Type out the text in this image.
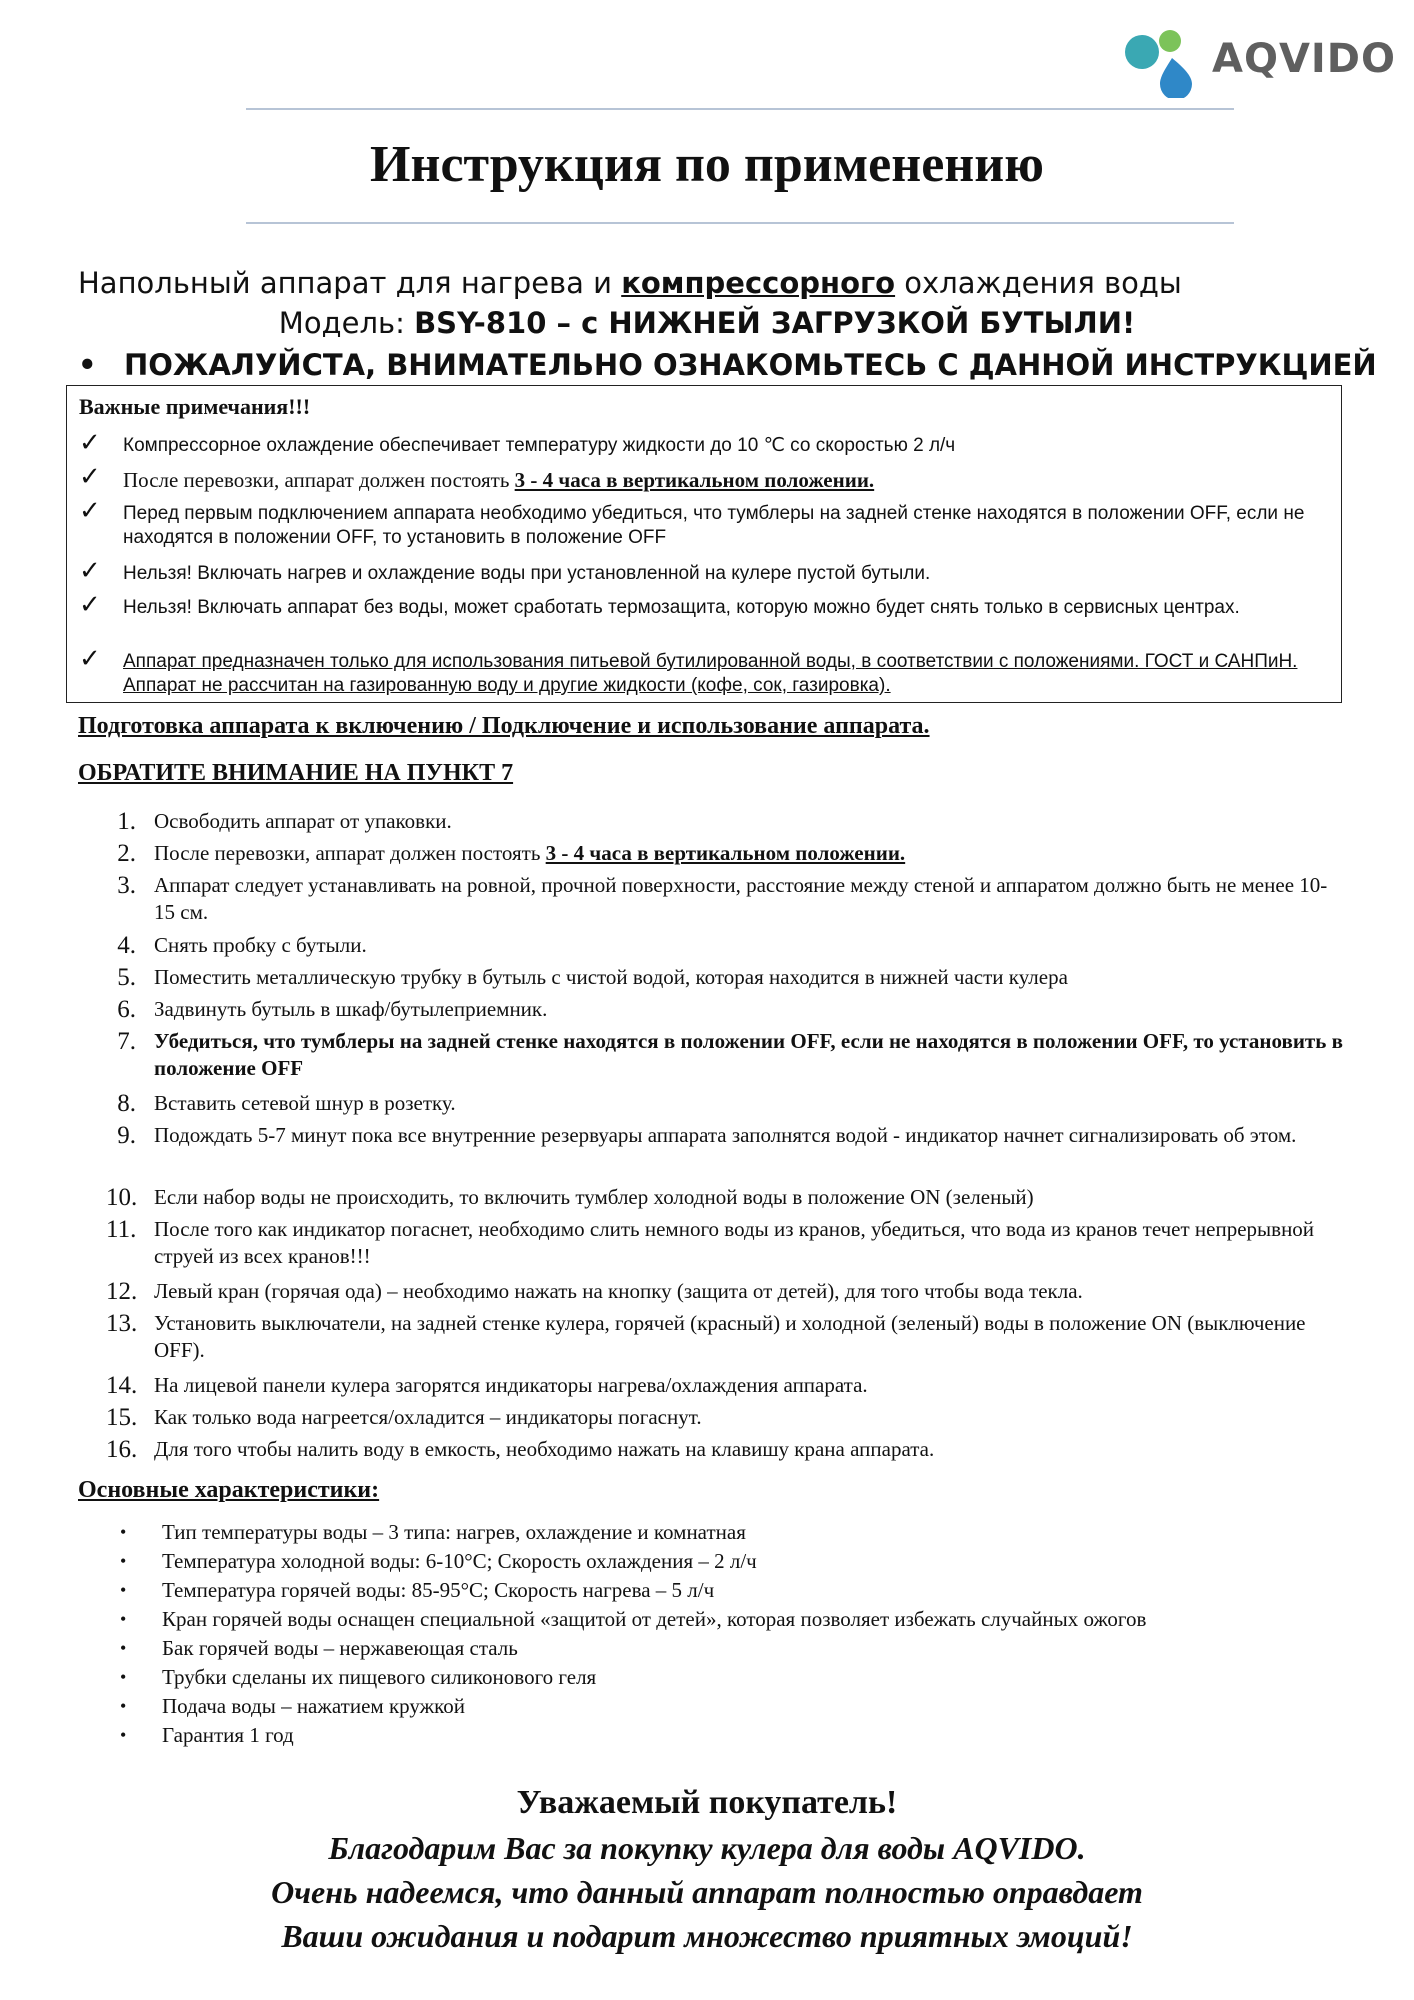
AQVIDO
Инструкция по применению
Напольный аппарат для нагрева и компрессорного охлаждения воды
Модель: BSY-810 – с НИЖНЕЙ ЗАГРУЗКОЙ БУТЫЛИ!
• ПОЖАЛУЙСТА, ВНИМАТЕЛЬНО ОЗНАКОМЬТЕСЬ С ДАННОЙ ИНСТРУКЦИЕЙ
Важные примечания!!!
✓ Компрессорное охлаждение обеспечивает температуру жидкости до 10 ℃ со скоростью 2 л/ч
✓ После перевозки, аппарат должен постоять 3 - 4 часа в вертикальном положении.
✓ Перед первым подключением аппарата необходимо убедиться, что тумблеры на задней стенке находятся в положении OFF, если не находятся в положении OFF, то установить в положение OFF
✓ Нельзя! Включать нагрев и охлаждение воды при установленной на кулере пустой бутыли.
✓ Нельзя! Включать аппарат без воды, может сработать термозащита, которую можно будет снять только в сервисных центрах.
✓ Аппарат предназначен только для использования питьевой бутилированной воды, в соответствии с положениями. ГОСТ и САНПиН. Аппарат не рассчитан на газированную воду и другие жидкости (кофе, сок, газировка).
Подготовка аппарата к включению / Подключение и использование аппарата.
ОБРАТИТЕ ВНИМАНИЕ НА ПУНКТ 7
1. Освободить аппарат от упаковки.
2. После перевозки, аппарат должен постоять 3 - 4 часа в вертикальном положении.
3. Аппарат следует устанавливать на ровной, прочной поверхности, расстояние между стеной и аппаратом должно быть не менее 10-15 см.
4. Снять пробку с бутыли.
5. Поместить металлическую трубку в бутыль с чистой водой, которая находится в нижней части кулера
6. Задвинуть бутыль в шкаф/бутылеприемник.
7. Убедиться, что тумблеры на задней стенке находятся в положении OFF, если не находятся в положении OFF, то установить в положение OFF
8. Вставить сетевой шнур в розетку.
9. Подождать 5-7 минут пока все внутренние резервуары аппарата заполнятся водой - индикатор начнет сигнализировать об этом.
10. Если набор воды не происходить, то включить тумблер холодной воды в положение ON (зеленый)
11. После того как индикатор погаснет, необходимо слить немного воды из кранов, убедиться, что вода из кранов течет непрерывной струей из всех кранов!!!
12. Левый кран (горячая ода) – необходимо нажать на кнопку (защита от детей), для того чтобы вода текла.
13. Установить выключатели, на задней стенке кулера, горячей (красный) и холодной (зеленый) воды в положение ON (выключение OFF).
14. На лицевой панели кулера загорятся индикаторы нагрева/охлаждения аппарата.
15. Как только вода нагреется/охладится – индикаторы погаснут.
16. Для того чтобы налить воду в емкость, необходимо нажать на клавишу крана аппарата.
Основные характеристики:
• Тип температуры воды – 3 типа: нагрев, охлаждение и комнатная
• Температура холодной воды: 6-10°C; Скорость охлаждения – 2 л/ч
• Температура горячей воды: 85-95°C; Скорость нагрева – 5 л/ч
• Кран горячей воды оснащен специальной «защитой от детей», которая позволяет избежать случайных ожогов
• Бак горячей воды – нержавеющая сталь
• Трубки сделаны их пищевого силиконового геля
• Подача воды – нажатием кружкой
• Гарантия 1 год
Уважаемый покупатель!
Благодарим Вас за покупку кулера для воды AQVIDO.
Очень надеемся, что данный аппарат полностью оправдает
Ваши ожидания и подарит множество приятных эмоций!
